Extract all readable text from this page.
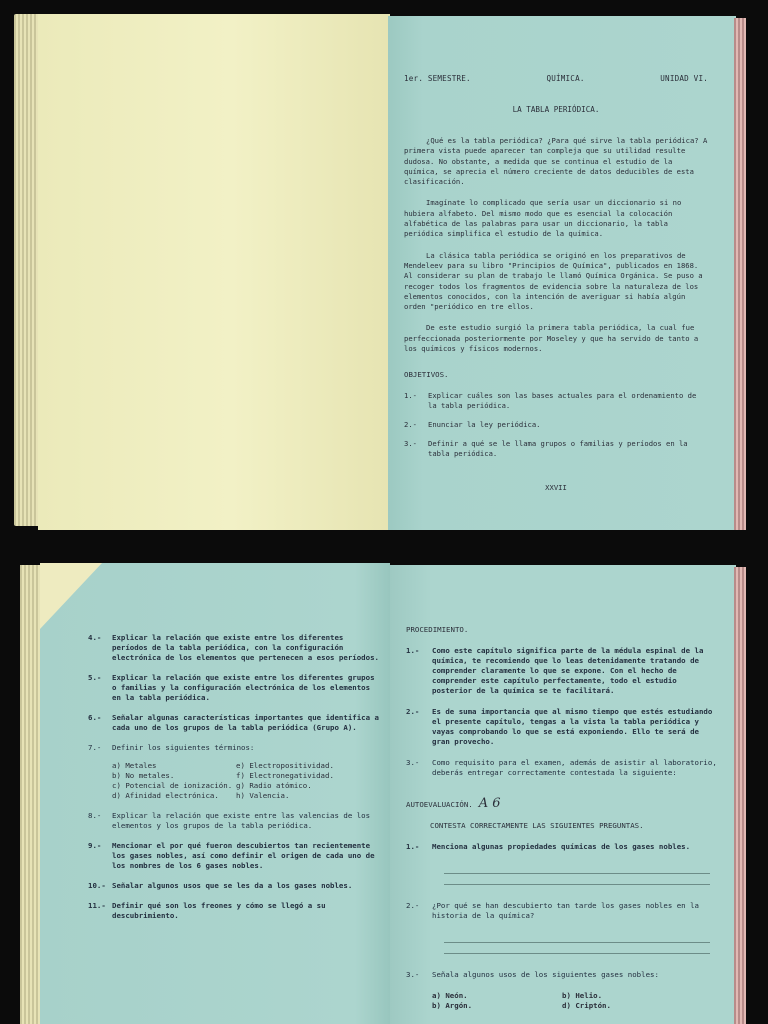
1er. SEMESTRE.	QUÍMICA.	UNIDAD VI.
LA TABLA PERIÓDICA.

¿Qué es la tabla periódica? ¿Para qué sirve la tabla periódica? A primera vista puede aparecer tan compleja que su utilidad resulte dudosa. No obstante, a medida que se continua el estudio de la química, se aprecia el número creciente de datos deducibles de esta clasificación.

Imagínate lo complicado que sería usar un diccionario si no hubiera alfabeto. Del mismo modo que es esencial la colocación alfabética de las palabras para usar un diccionario, la tabla periódica simplifica el estudio de la química.

La clásica tabla periódica se originó en los preparativos de Mendeleev para su libro "Principios de Química", publicados en 1868. Al considerar su plan de trabajo le llamó Química Orgánica. Se puso a recoger todos los fragmentos de evidencia sobre la naturaleza de los elementos conocidos, con la intención de averiguar si había algún orden "periódico en tre ellos.

De este estudio surgió la primera tabla periódica, la cual fue perfeccionada posteriormente por Moseley y que ha servido de tanto a los químicos y físicos modernos.

OBJETIVOS.
1.-	Explicar cuáles son las bases actuales para el ordenamiento de la tabla periódica.
2.-	Enunciar la ley periódica.
3.-	Definir a qué se le llama grupos o familias y períodos en la tabla periódica.
XXVII
4.-	Explicar la relación que existe entre los diferentes períodos de la tabla periódica, con la configuración electrónica de los elementos que pertenecen a esos períodos.
5.-	Explicar la relación que existe entre los diferentes grupos o familias y la configuración electrónica de los elementos en la tabla periódica.
6.-	Señalar algunas características importantes que identifica a cada uno de los grupos de la tabla periódica (Grupo A).
7.-	Definir los siguientes términos:
a) Metales	e) Electropositividad.
b) No metales.	f) Electronegatividad.
c) Potencial de ionización. g) Radio atómico.
d) Afinidad electrónica.	h) Valencia.
8.-	Explicar la relación que existe entre las valencias de los elementos y los grupos de la tabla periódica.
9.-	Mencionar el por qué fueron descubiertos tan recientemente los gases nobles, así como definir el origen de cada uno de los nombres de los 6 gases nobles.
10.- Señalar algunos usos que se les da a los gases nobles.
11.- Definir qué son los freones y cómo se llegó a su descubrimiento.
PROCEDIMIENTO.
1.-	Como este capítulo significa parte de la médula espinal de la química, te recomiendo que lo leas detenidamente tratando de comprender claramente lo que se expone. Con el hecho de comprender este capítulo perfectamente, todo el estudio posterior de la química se te facilitará.
2.-	Es de suma importancia que al mismo tiempo que estés estudiando el presente capítulo, tengas a la vista la tabla periódica y vayas comprobando lo que se está exponiendo. Ello te será de gran provecho.
3.-	Como requisito para el examen, además de asistir al laboratorio, deberás entregar correctamente contestada la siguiente:
AUTOEVALUACIÓN. A 6
CONTESTA CORRECTAMENTE LAS SIGUIENTES PREGUNTAS.
1.-	Menciona algunas propiedades químicas de los gases nobles.
2.-	¿Por qué se han descubierto tan tarde los gases nobles en la historia de la química?
3.-	Señala algunos usos de los siguientes gases nobles:
a) Neón.	b) Helio.
b) Argón.	d) Criptón.
